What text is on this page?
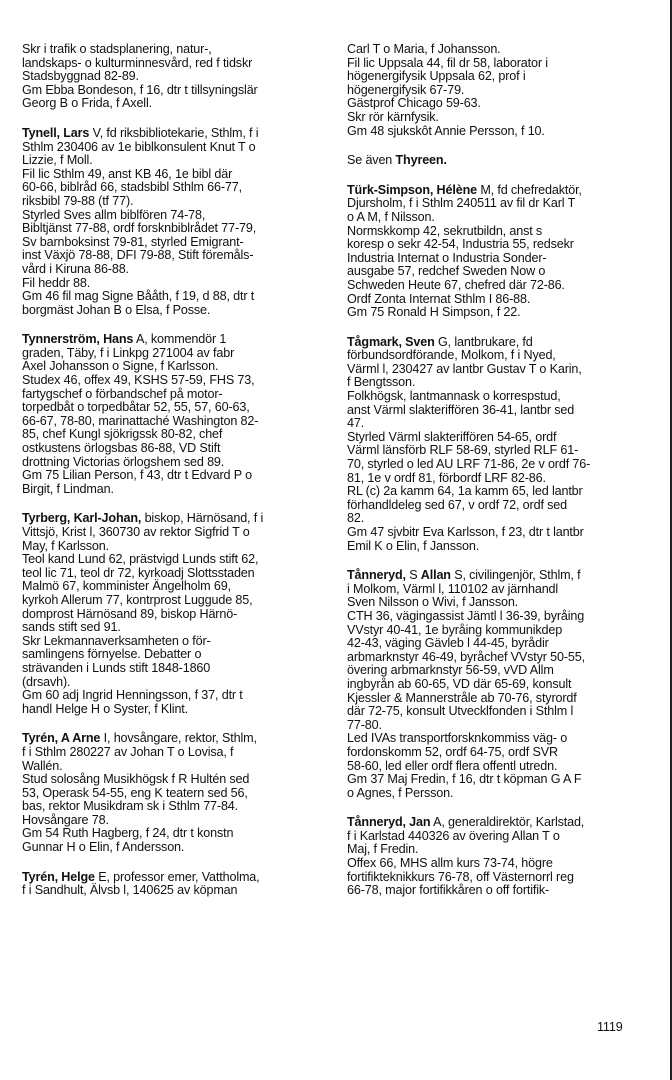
Skr i trafik o stadsplanering, natur-,

landskaps- o kulturminnesvård, red f tidskr

Stadsbyggnad 82-89.

Gm Ebba Bondeson, f 16, dtr t tillsyningslär

Georg B o Frida, f Axell.

Tynell, Lars V, fd riksbibliotekarie, Sthlm, f i

Sthlm 230406 av 1e biblkonsulent Knut T o

Lizzie, f Moll.

Fil lic Sthlm 49, anst KB 46, 1e bibl där

60-66, biblråd 66, stadsbibl Sthlm 66-77,

riksbibl 79-88 (tf 77).

Styrled Sves allm biblfören 74-78,

Bibltjänst 77-88, ordf forsknbiblrådet 77-79,

Sv barnboksinst 79-81, styrled Emigrant-

inst Växjö 78-88, DFI 79-88, Stift föremåls-

vård i Kiruna 86-88.

Fil heddr 88.

Gm 46 fil mag Signe Bååth, f 19, d 88, dtr t

borgmäst Johan B o Elsa, f Posse.

Tynnerström, Hans A, kommendör 1

graden, Täby, f i Linkpg 271004 av fabr

Axel Johansson o Signe, f Karlsson.

Studex 46, offex 49, KSHS 57-59, FHS 73,

fartygschef o förbandschef på motor-

torpedbåt o torpedbåtar 52, 55, 57, 60-63,

66-67, 78-80, marinattaché Washington 82-

85, chef Kungl sjökrigssk 80-82, chef

ostkustens örlogsbas 86-88, VD Stift

drottning Victorias örlogshem sed 89.

Gm 75 Lilian Person, f 43, dtr t Edvard P o

Birgit, f Lindman.

Tyrberg, Karl-Johan, biskop, Härnösand, f i

Vittsjö, Krist l, 360730 av rektor Sigfrid T o

May, f Karlsson.

Teol kand Lund 62, prästvigd Lunds stift 62,

teol lic 71, teol dr 72, kyrkoadj Slottsstaden

Malmö 67, komminister Ängelholm 69,

kyrkoh Allerum 77, kontrprost Luggude 85,

domprost Härnösand 89, biskop Härnö-

sands stift sed 91.

Skr Lekmannaverksamheten o för-

samlingens förnyelse. Debatter o

strävanden i Lunds stift 1848-1860

(drsavh).

Gm 60 adj Ingrid Henningsson, f 37, dtr t

handl Helge H o Syster, f Klint.

Tyrén, A Arne I, hovsångare, rektor, Sthlm,

f i Sthlm 280227 av Johan T o Lovisa, f

Wallén.

Stud solosång Musikhögsk f R Hultén sed

53, Operask 54-55, eng K teatern sed 56,

bas, rektor Musikdram sk i Sthlm 77-84.

Hovsångare 78.

Gm 54 Ruth Hagberg, f 24, dtr t konstn

Gunnar H o Elin, f Andersson.

Tyrén, Helge E, professor emer, Vattholma,

f i Sandhult, Älvsb l, 140625 av köpman

Carl T o Maria, f Johansson.

Fil lic Uppsala 44, fil dr 58, laborator i

högenergifysik Uppsala 62, prof i

högenergifysik 67-79.

Gästprof Chicago 59-63.

Skr rör kärnfysik.

Gm 48 sjukskôt Annie Persson, f 10.

Se även Thyreen.

Türk-Simpson, Hélène M, fd chefredaktör,

Djursholm, f i Sthlm 240511 av fil dr Karl T

o A M, f Nilsson.

Normskkomp 42, sekrutbildn, anst s

koresp o sekr 42-54, Industria 55, redsekr

Industria Internat o Industria Sonder-

ausgabe 57, redchef Sweden Now o

Schweden Heute 67, chefred där 72-86.

Ordf Zonta Internat Sthlm I 86-88.

Gm 75 Ronald H Simpson, f 22.

Tågmark, Sven G, lantbrukare, fd

förbundsordförande, Molkom, f i Nyed,

Värml l, 230427 av lantbr Gustav T o Karin,

f Bengtsson.

Folkhögsk, lantmannask o korrespstud,

anst Värml slakteriffören 36-41, lantbr sed

47.

Styrled Värml slakteriffören 54-65, ordf

Värml länsförb RLF 58-69, styrled RLF 61-

70, styrled o led AU LRF 71-86, 2e v ordf 76-

81, 1e v ordf 81, förbordf LRF 82-86.

RL (c) 2a kamm 64, 1a kamm 65, led lantbr

förhandldeleg sed 67, v ordf 72, ordf sed

82.

Gm 47 sjvbitr Eva Karlsson, f 23, dtr t lantbr

Emil K o Elin, f Jansson.

Tånneryd, S Allan S, civilingenjör, Sthlm, f

i Molkom, Värml l, 110102 av järnhandl

Sven Nilsson o Wivi, f Jansson.

CTH 36, vägingassist Jämtl l 36-39, byråing

VVstyr 40-41, 1e byråing kommunikdep

42-43, väging Gävleb l 44-45, byrådir

arbmarknstyr 46-49, byråchef VVstyr 50-55,

övering arbmarknstyr 56-59, vVD Allm

ingbyrån ab 60-65, VD där 65-69, konsult

Kjessler & Mannerstråle ab 70-76, styrordf

där 72-75, konsult Utvecklfonden i Sthlm l

77-80.

Led IVAs transportforsknkommiss väg- o

fordonskomm 52, ordf 64-75, ordf SVR

58-60, led eller ordf flera offentl utredn.

Gm 37 Maj Fredin, f 16, dtr t köpman G A F

o Agnes, f Persson.

Tånneryd, Jan A, generaldirektör, Karlstad,

f i Karlstad 440326 av övering Allan T o

Maj, f Fredin.

Offex 66, MHS allm kurs 73-74, högre

fortifikteknikkurs 76-78, off Västernorrl reg

66-78, major fortifikkåren o off fortifik-

1119
